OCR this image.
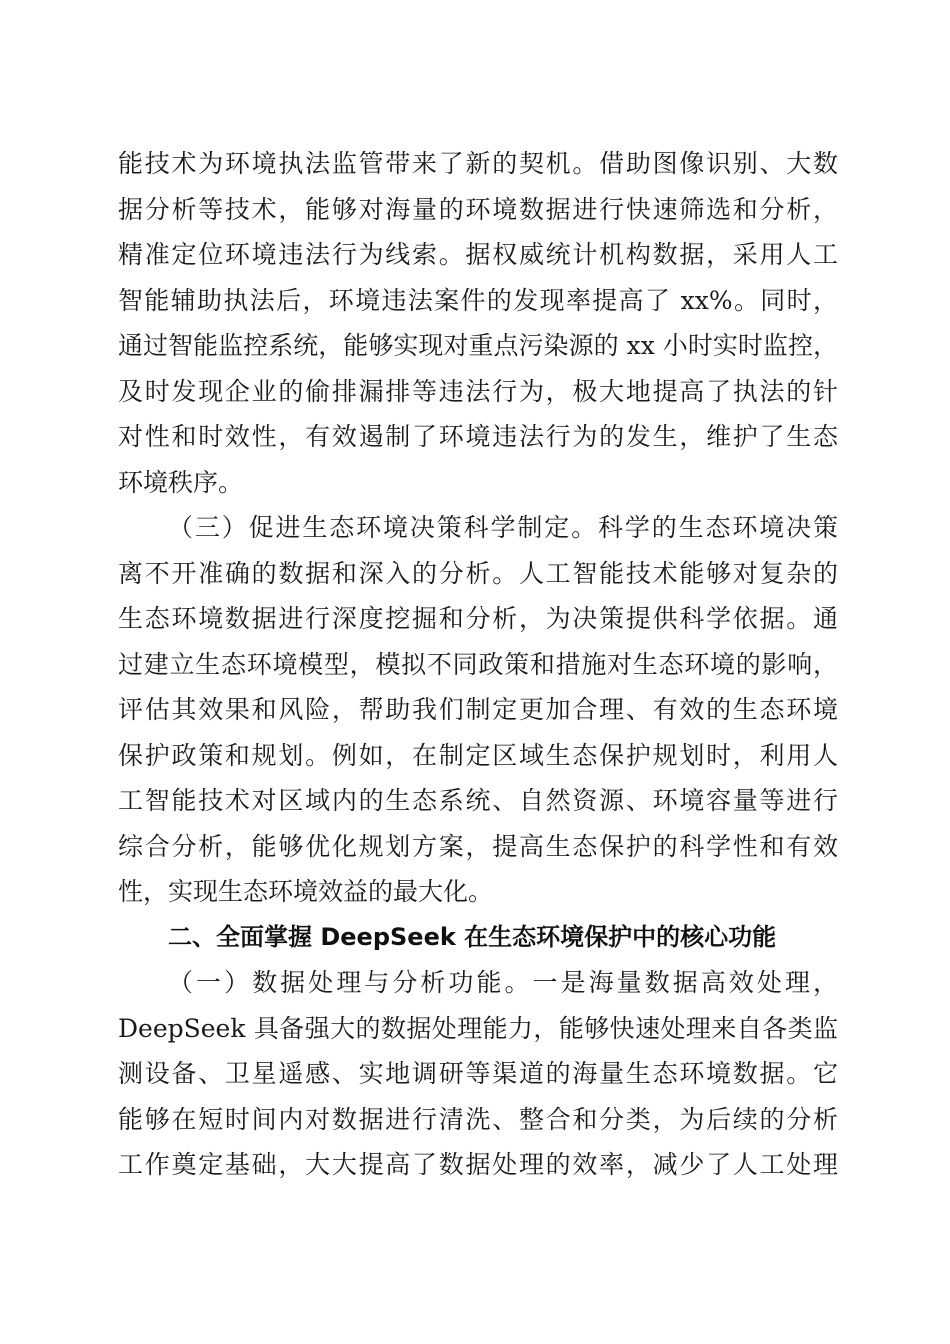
能技术为环境执法监管带来了新的契机。借助图像识别、大数
据分析等技术，能够对海量的环境数据进行快速筛选和分析，
精准定位环境违法行为线索。据权威统计机构数据，采用人工
智能辅助执法后，环境违法案件的发现率提高了 xx%。同时，
通过智能监控系统，能够实现对重点污染源的 xx 小时实时监控，
及时发现企业的偷排漏排等违法行为，极大地提高了执法的针
对性和时效性，有效遏制了环境违法行为的发生，维护了生态
环境秩序。
（三）促进生态环境决策科学制定。科学的生态环境决策
离不开准确的数据和深入的分析。人工智能技术能够对复杂的
生态环境数据进行深度挖掘和分析，为决策提供科学依据。通
过建立生态环境模型，模拟不同政策和措施对生态环境的影响，
评估其效果和风险，帮助我们制定更加合理、有效的生态环境
保护政策和规划。例如，在制定区域生态保护规划时，利用人
工智能技术对区域内的生态系统、自然资源、环境容量等进行
综合分析，能够优化规划方案，提高生态保护的科学性和有效
性，实现生态环境效益的最大化。
二、全面掌握 DeepSeek 在生态环境保护中的核心功能
（一）数据处理与分析功能。一是海量数据高效处理，
DeepSeek 具备强大的数据处理能力，能够快速处理来自各类监
测设备、卫星遥感、实地调研等渠道的海量生态环境数据。它
能够在短时间内对数据进行清洗、整合和分类，为后续的分析
工作奠定基础，大大提高了数据处理的效率，减少了人工处理
